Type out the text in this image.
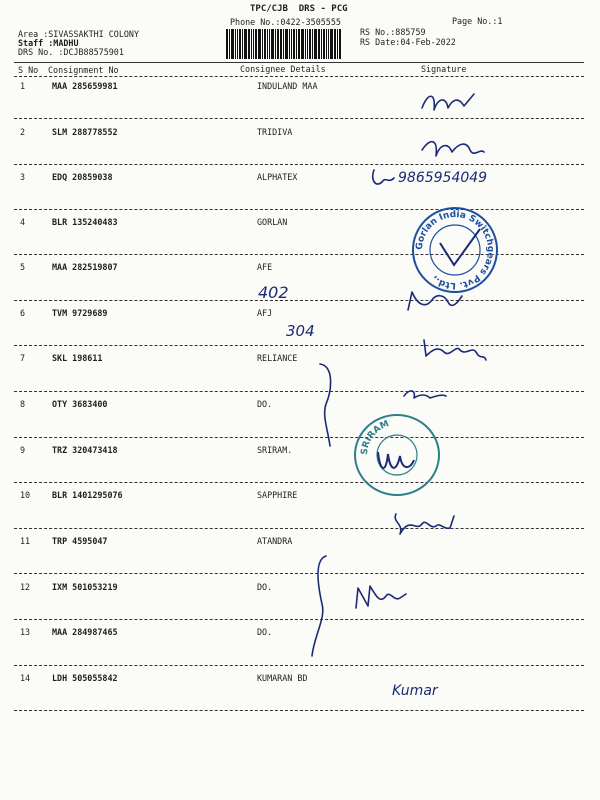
TPC/CJB  DRS - PCG
Phone No.:0422-3505555	Page No.:1
Area :SIVASSAKTHI COLONY
Staff :MADHU
DRS No. :DCJB88575901
RS No.:885759
RS Date:04-Feb-2022
S No Consignment No	Consignee Details	Signature
1	MAA 285659981	INDULAND MAA
2	SLM 288778552	TRIDIVA
3	EDQ 20859038	ALPHATEX
4	BLR 135240483	GORLAN
5	MAA 282519807	AFE
6	TVM 9729689	AFJ
7	SKL 198611	RELIANCE
8	OTY 3683400	DO.
9	TRZ 320473418	SRIRAM.
10	BLR 1401295076	SAPPHIRE
11	TRP 4595047	ATANDRA
12	IXM 501053219	DO.
13	MAA 284987465	DO.
14	LDH 505055842	KUMARAN BD
Gorlan India Switchgears Pvt. Ltd.,
SRIRAM
9865954049
402
304
Kumar
